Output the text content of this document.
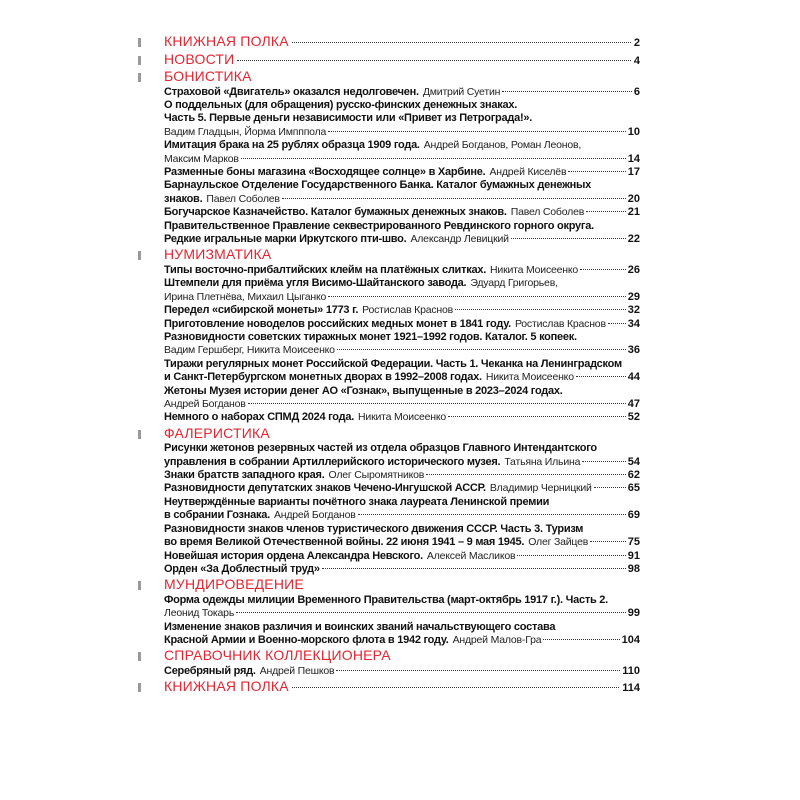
КНИЖНАЯ ПОЛКА	2
НОВОСТИ	4
БОНИСТИКА
Страховой «Двигатель» оказался недолговечен. Дмитрий Суетин	6
О поддельных (для обращения) русско-финских денежных знаках.
Часть 5. Первые деньги независимости или «Привет из Петрограда!».
Вадим Гладцын, Йорма Импппола	10
Имитация брака на 25 рублях образца 1909 года. Андрей Богданов, Роман Леонов,
Максим Марков	14
Разменные боны магазина «Восходящее солнце» в Харбине. Андрей Киселёв	17
Барнаульское Отделение Государственного Банка. Каталог бумажных денежных
знаков. Павел Соболев	20
Богучарское Казначейство. Каталог бумажных денежных знаков. Павел Соболев	21
Правительственное Правление секвестрированного Ревдинского горного округа.
Редкие игральные марки Иркутского пти-шво. Александр Левицкий	22
НУМИЗМАТИКА
Типы восточно-прибалтийских клейм на платёжных слитках. Никита Моисеенко	26
Штемпели для приёма угля Висимо-Шайтанского завода. Эдуард Григорьев,
Ирина Плетнёва, Михаил Цыганко	29
Передел «сибирской монеты» 1773 г. Ростислав Краснов	32
Приготовление новоделов российских медных монет в 1841 году. Ростислав Краснов 34
Разновидности советских тиражных монет 1921–1992 годов. Каталог. 5 копеек.
Вадим Гершберг, Никита Моисеенко	36
Тиражи регулярных монет Российской Федерации. Часть 1. Чеканка на Ленинградском
и Санкт-Петербургском монетных дворах в 1992–2008 годах. Никита Моисеенко	44
Жетоны Музея истории денег АО «Гознак», выпущенные в 2023–2024 годах.
Андрей Богданов	47
Немного о наборах СПМД 2024 года. Никита Моисеенко	52
ФАЛЕРИСТИКА
Рисунки жетонов резервных частей из отдела образцов Главного Интендантского
управления в собрании Артиллерийского исторического музея. Татьяна Ильина	54
Знаки братств западного края. Олег Сыромятников	62
Разновидности депутатских знаков Чечено-Ингушской АССР. Владимир Черницкий	65
Неутверждённые варианты почётного знака лауреата Ленинской премии
в собрании Гознака. Андрей Богданов	69
Разновидности знаков членов туристического движения СССР. Часть 3. Туризм
во время Великой Отечественной войны. 22 июня 1941 – 9 мая 1945. Олег Зайцев	75
Новейшая история ордена Александра Невского. Алексей Масликов	91
Орден «За Доблестный труд»	98
МУНДИРОВЕДЕНИЕ
Форма одежды милиции Временного Правительства (март-октябрь 1917 г.). Часть 2.
Леонид Токарь	99
Изменение знаков различия и воинских званий начальствующего состава
Красной Армии и Военно-морского флота в 1942 году. Андрей Малов-Гра	104
СПРАВОЧНИК КОЛЛЕКЦИОНЕРА
Серебряный ряд. Андрей Пешков	110
КНИЖНАЯ ПОЛКА	114
